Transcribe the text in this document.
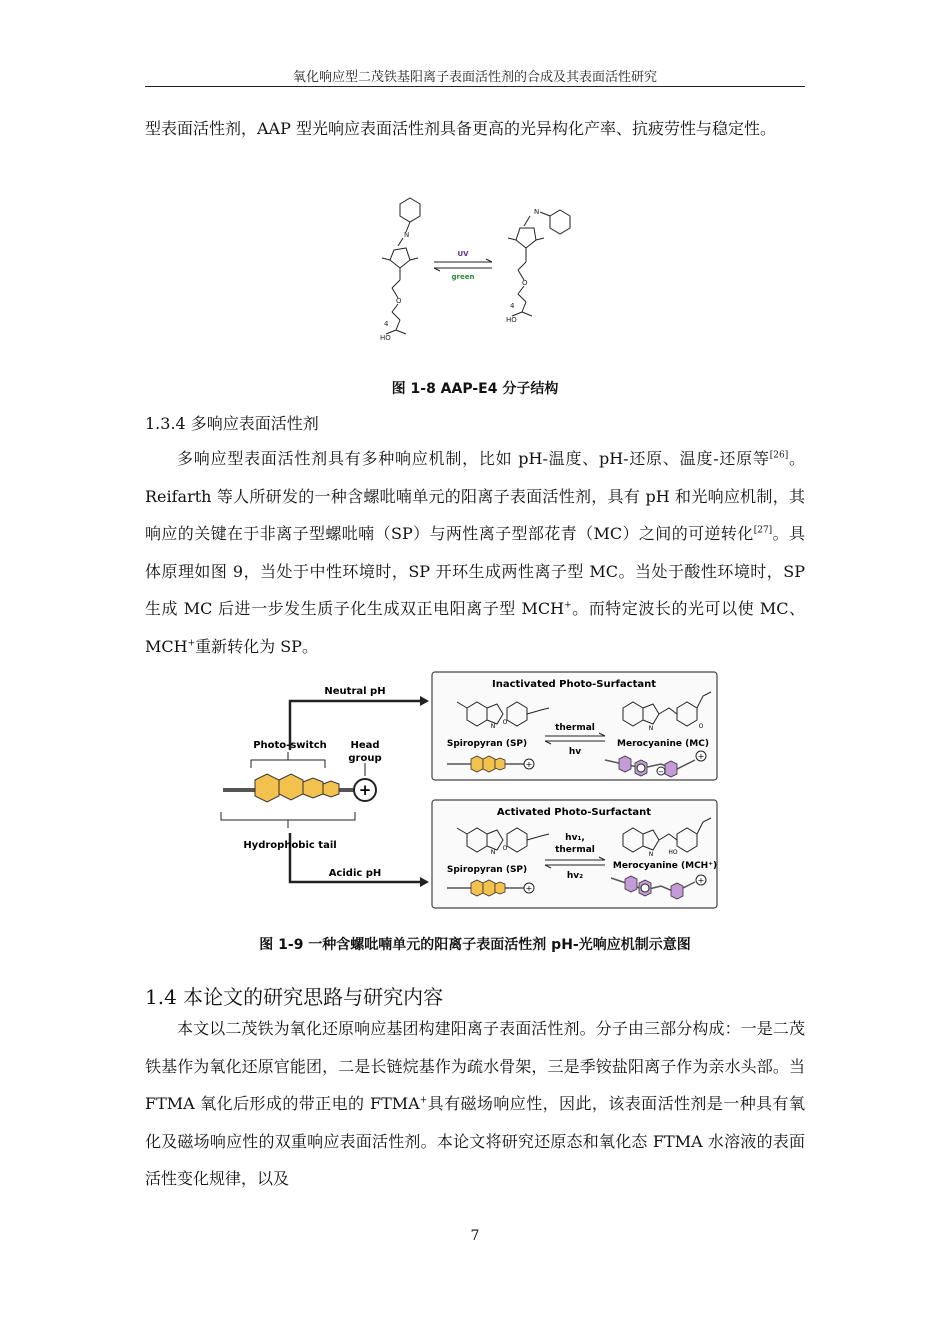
氧化响应型二茂铁基阳离子表面活性剂的合成及其表面活性研究

型表面活性剂，AAP 型光响应表面活性剂具备更高的光异构化产率、抗疲劳性与稳定性。

N
O
4
HO
N
O
4
HO
UV
green
图 1-8 AAP-E4 分子结构
1.3.4 多响应表面活性剂

多响应型表面活性剂具有多种响应机制，比如 pH-温度、pH-还原、温度-还原等[26]。Reifarth 等人所研发的一种含螺吡喃单元的阳离子表面活性剂，具有 pH 和光响应机制，其响应的关键在于非离子型螺吡喃（SP）与两性离子型部花青（MC）之间的可逆转化[27]。具体原理如图 9，当处于中性环境时，SP 开环生成两性离子型 MC。当处于酸性环境时，SP 生成 MC 后进一步发生质子化生成双正电阳离子型 MCH+。而特定波长的光可以使 MC、MCH+重新转化为 SP。

Neutral pH
Acidic pH
Photo-switch Head
group
Hydrophobic tail
+
Inactivated Photo-Surfactant
N
O
N	O
Spiropyran (SP)	Merocyanine (MC)
thermal
hv
+
−
+
Activated Photo-Surfactant
N
O
N	HO
Spiropyran (SP)	Merocyanine (MCH⁺)
hv₁,
thermal
hv₂
+
+
图 1-9 一种含螺吡喃单元的阳离子表面活性剂 pH-光响应机制示意图
1.4 本论文的研究思路与研究内容

本文以二茂铁为氧化还原响应基团构建阳离子表面活性剂。分子由三部分构成：一是二茂铁基作为氧化还原官能团，二是长链烷基作为疏水骨架，三是季铵盐阳离子作为亲水头部。当 FTMA 氧化后形成的带正电的 FTMA+具有磁场响应性，因此，该表面活性剂是一种具有氧化及磁场响应性的双重响应表面活性剂。本论文将研究还原态和氧化态 FTMA 水溶液的表面活性变化规律，以及

7
